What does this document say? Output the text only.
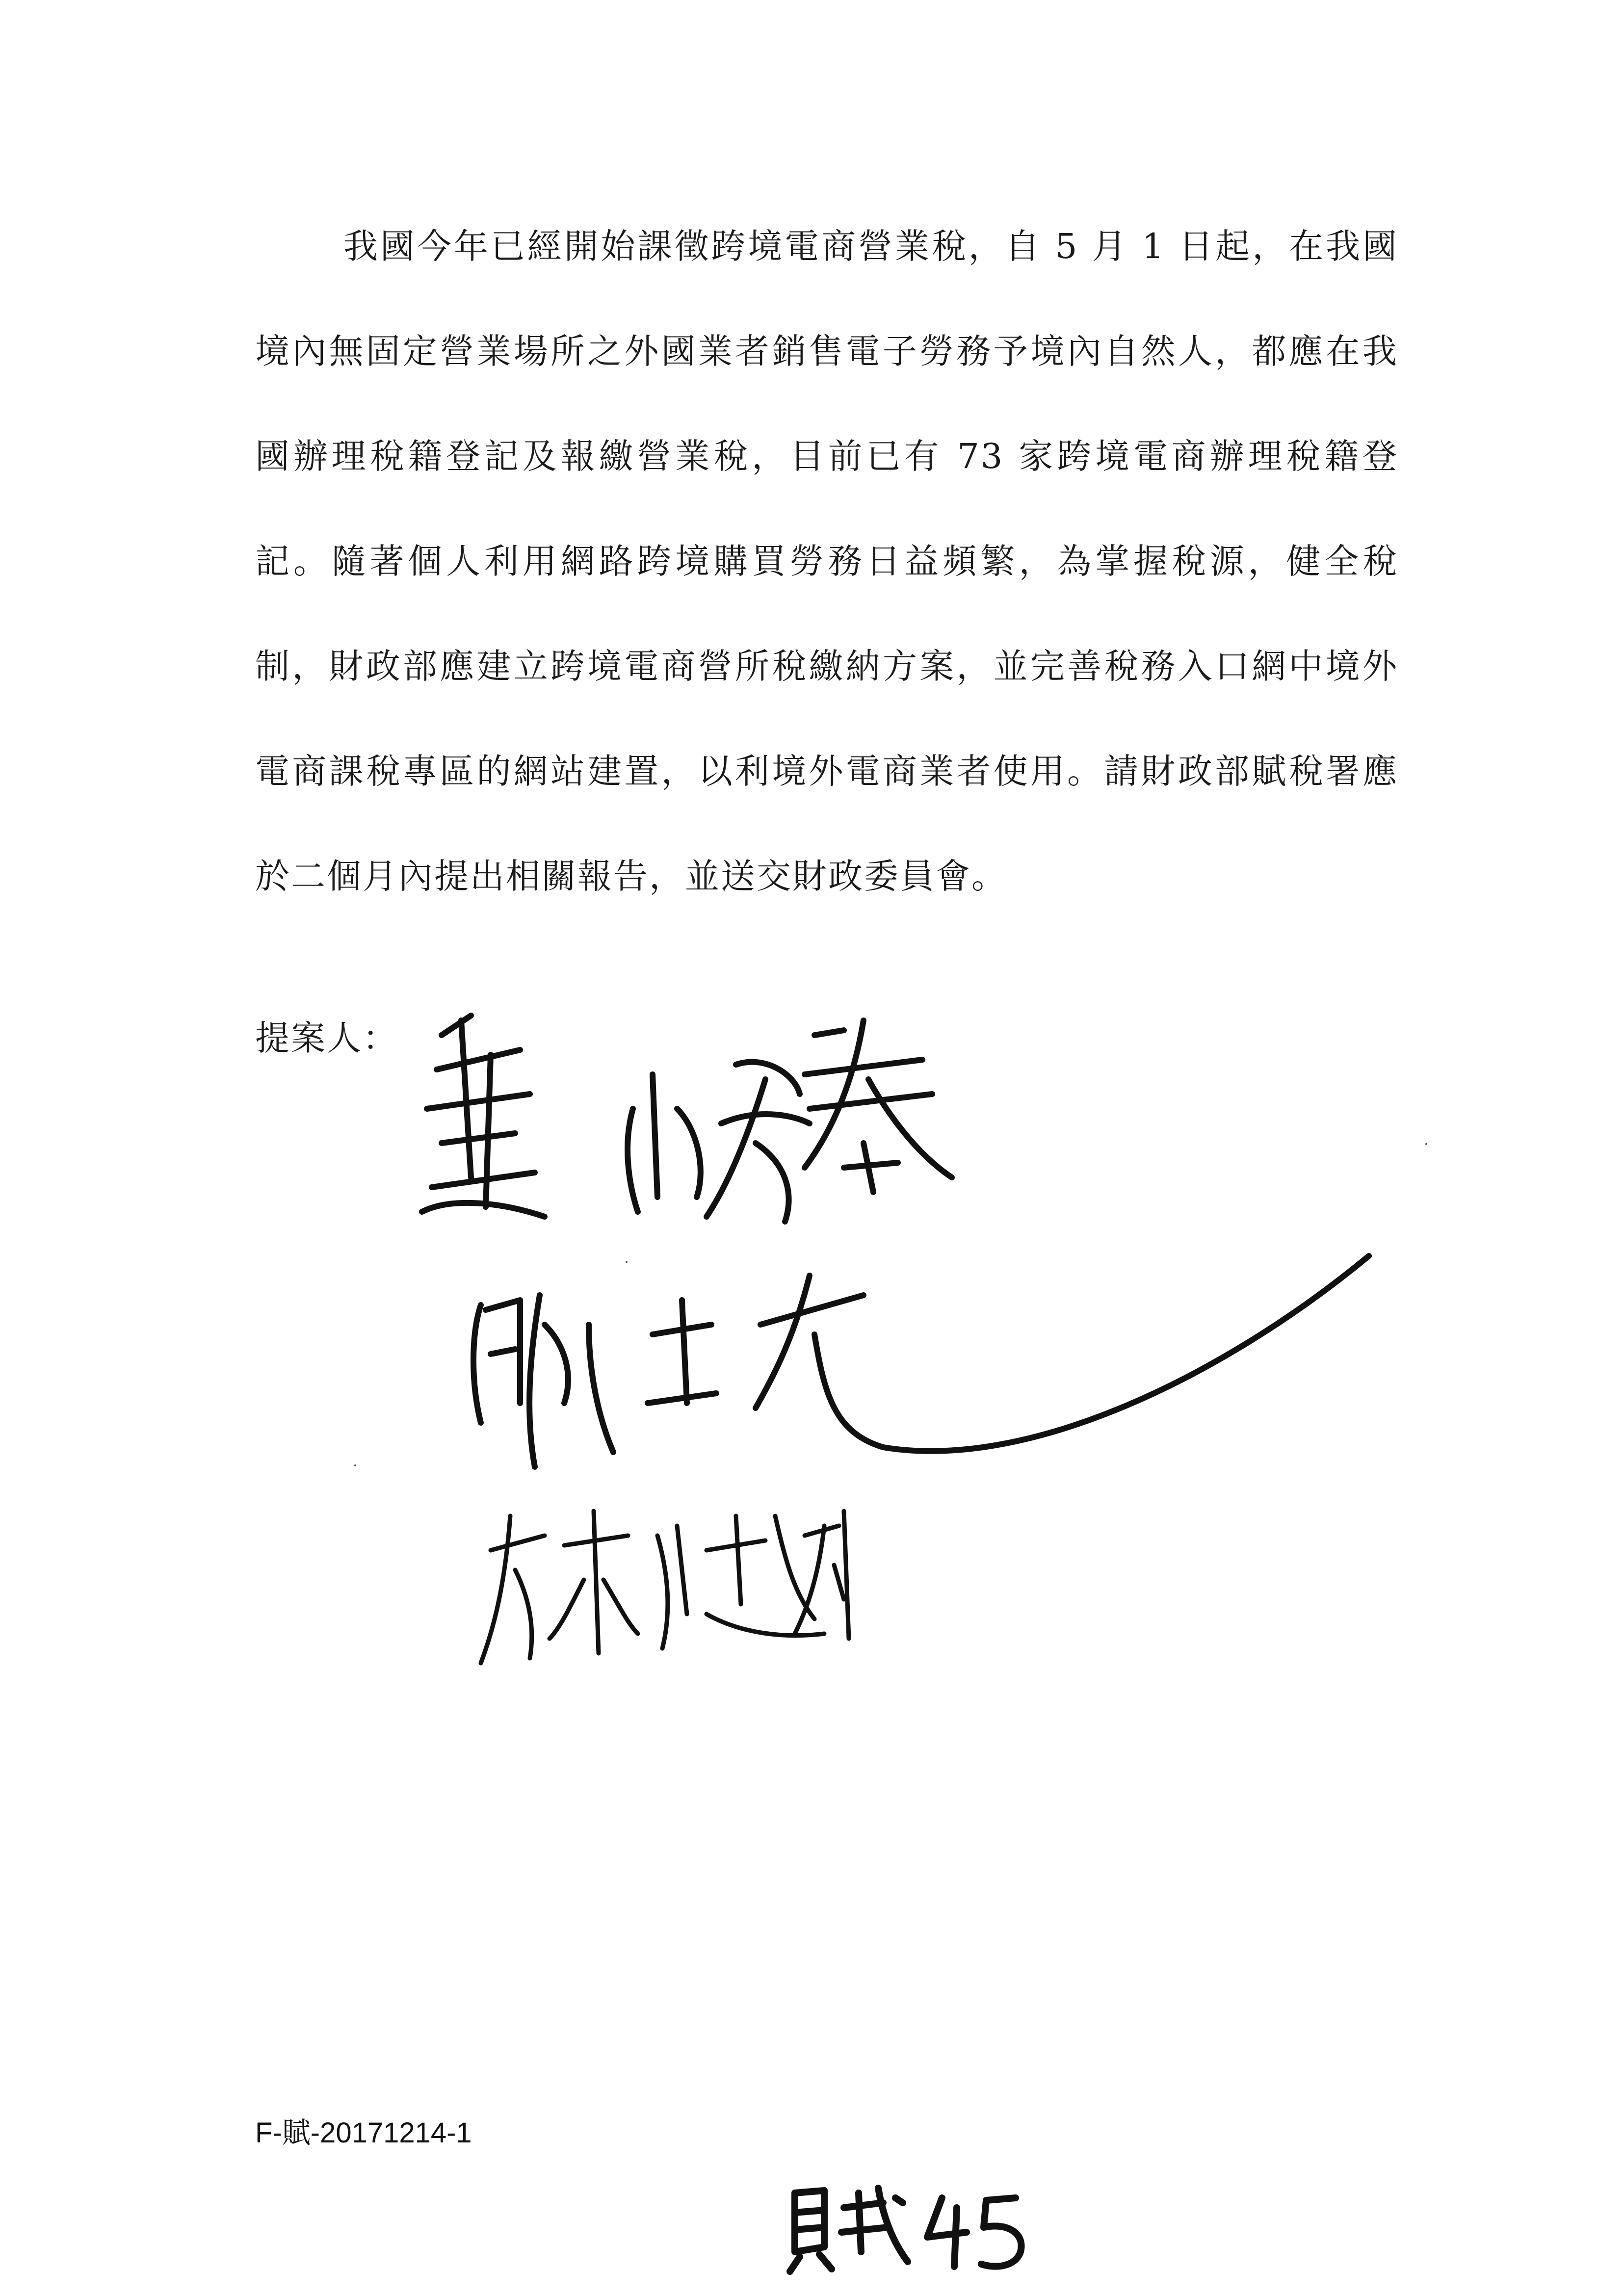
我國今年已經開始課徵跨境電商營業稅，自 5 月 1 日起，在我國境內無固定營業場所之外國業者銷售電子勞務予境內自然人，都應在我國辦理稅籍登記及報繳營業稅，目前已有 73 家跨境電商辦理稅籍登記。隨著個人利用網路跨境購買勞務日益頻繁，為掌握稅源，健全稅制，財政部應建立跨境電商營所稅繳納方案，並完善稅務入口網中境外電商課稅專區的網站建置，以利境外電商業者使用。請財政部賦稅署應於二個月內提出相關報告，並送交財政委員會。

提案人：
F-賦-20171214-1
